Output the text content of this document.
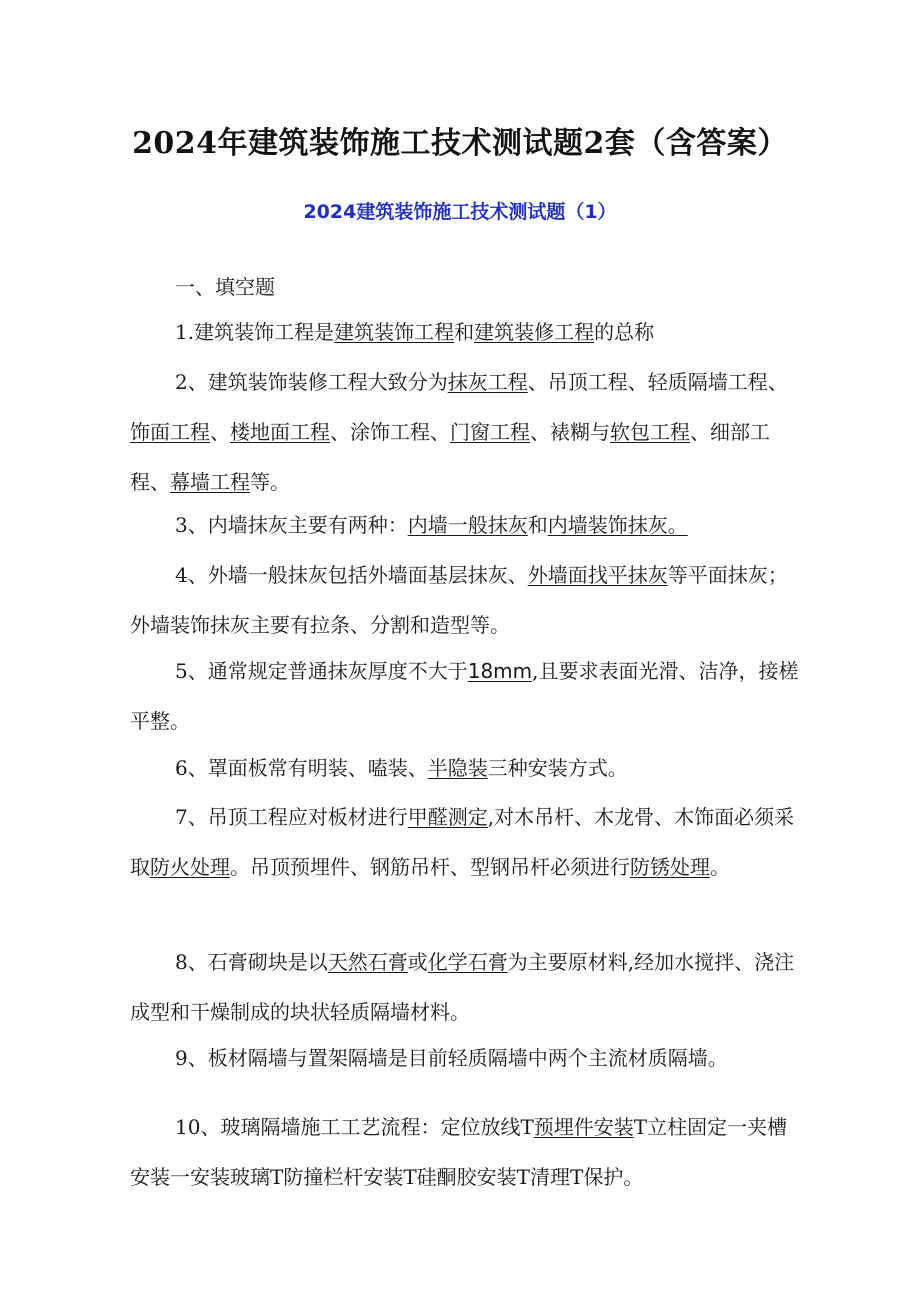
2024年建筑装饰施工技术测试题2套（含答案）
2024建筑装饰施工技术测试题（1）
一、填空题
1.建筑装饰工程是建筑装饰工程和建筑装修工程的总称
2、建筑装饰装修工程大致分为抹灰工程、吊顶工程、轻质隔墙工程、饰面工程、楼地面工程、涂饰工程、门窗工程、裱糊与软包工程、细部工程、幕墙工程等。
3、内墙抹灰主要有两种：内墙一般抹灰和内墙装饰抹灰。
4、外墙一般抹灰包括外墙面基层抹灰、外墙面找平抹灰等平面抹灰；外墙装饰抹灰主要有拉条、分割和造型等。
5、通常规定普通抹灰厚度不大于18mm,且要求表面光滑、洁净，接槎平整。
6、罩面板常有明装、嗑装、半隐装三种安装方式。
7、吊顶工程应对板材进行甲醛测定,对木吊杆、木龙骨、木饰面必须采取防火处理。吊顶预埋件、钢筋吊杆、型钢吊杆必须进行防锈处理。
8、石膏砌块是以天然石膏或化学石膏为主要原材料,经加水搅拌、浇注成型和干燥制成的块状轻质隔墙材料。
9、板材隔墙与置架隔墙是目前轻质隔墙中两个主流材质隔墙。
10、玻璃隔墙施工工艺流程：定位放线T预埋件安装T立柱固定一夹槽安装一安装玻璃T防撞栏杆安装T硅酮胶安装T清理T保护。
